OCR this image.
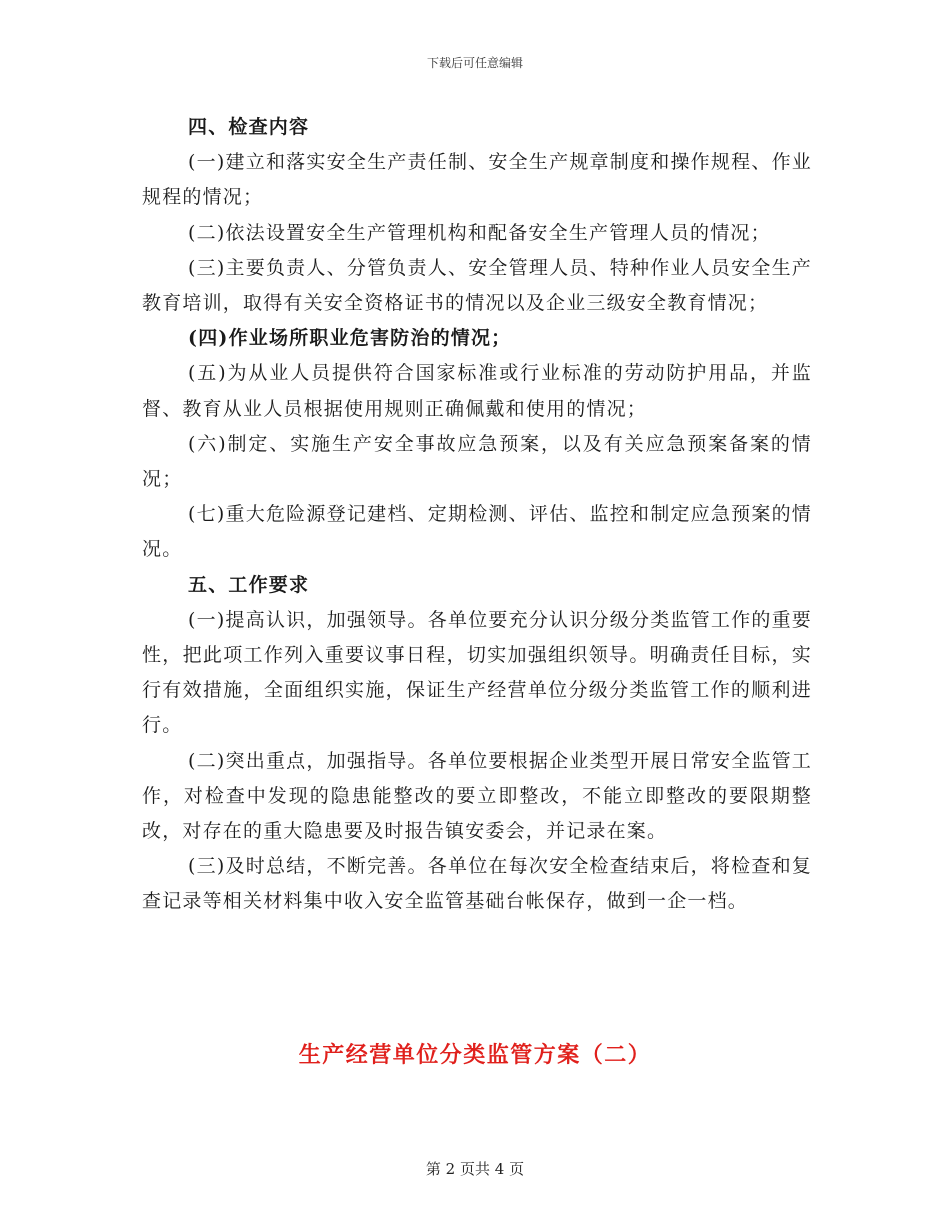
下载后可任意编辑

四、检查内容

(一)建立和落实安全生产责任制、安全生产规章制度和操作规程、作业规程的情况；

(二)依法设置安全生产管理机构和配备安全生产管理人员的情况；

(三)主要负责人、分管负责人、安全管理人员、特种作业人员安全生产教育培训，取得有关安全资格证书的情况以及企业三级安全教育情况；

(四)作业场所职业危害防治的情况；

(五)为从业人员提供符合国家标准或行业标准的劳动防护用品，并监督、教育从业人员根据使用规则正确佩戴和使用的情况；

(六)制定、实施生产安全事故应急预案，以及有关应急预案备案的情况；

(七)重大危险源登记建档、定期检测、评估、监控和制定应急预案的情况。

五、工作要求

(一)提高认识，加强领导。各单位要充分认识分级分类监管工作的重要性，把此项工作列入重要议事日程，切实加强组织领导。明确责任目标，实行有效措施，全面组织实施，保证生产经营单位分级分类监管工作的顺利进行。

(二)突出重点，加强指导。各单位要根据企业类型开展日常安全监管工作，对检查中发现的隐患能整改的要立即整改，不能立即整改的要限期整改，对存在的重大隐患要及时报告镇安委会，并记录在案。

(三)及时总结，不断完善。各单位在每次安全检查结束后，将检查和复查记录等相关材料集中收入安全监管基础台帐保存，做到一企一档。

生产经营单位分类监管方案（二）
第 2 页共 4 页
